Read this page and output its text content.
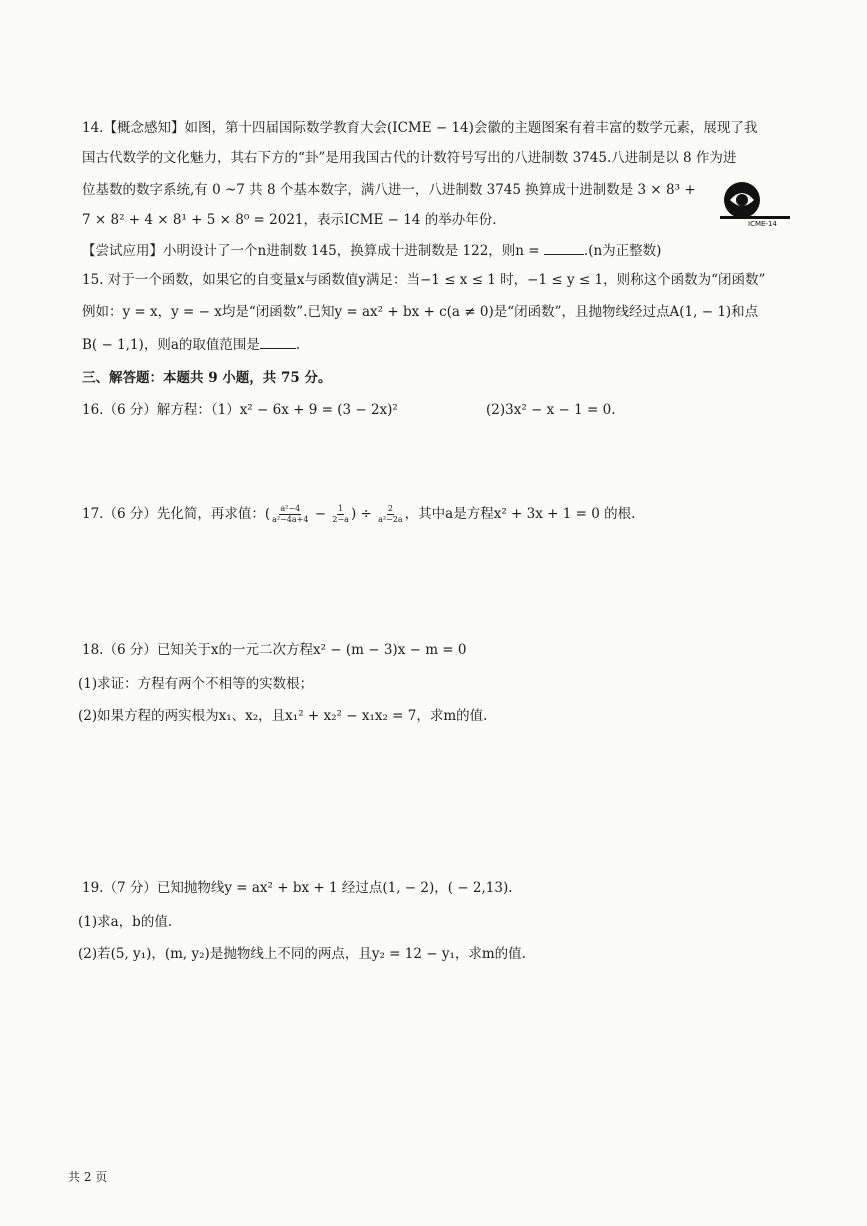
14.【概念感知】如图，第十四届国际数学教育大会(ICME − 14)会徽的主题图案有着丰富的数学元素，展现了我
国古代数学的文化魅力，其右下方的“卦”是用我国古代的计数符号写出的八进制数 3745.八进制是以 8 作为进
位基数的数字系统,有 0 ~7 共 8 个基本数字，满八进一，八进制数 3745 换算成十进制数是 3 × 8³ +
7 × 8² + 4 × 8¹ + 5 × 8⁰ = 2021，表示ICME − 14 的举办年份.	ICME-14
【尝试应用】小明设计了一个n进制数 145，换算成十进制数是 122，则n =	.(n为正整数)
15. 对于一个函数，如果它的自变量x与函数值y满足：当−1 ≤ x ≤ 1 时，−1 ≤ y ≤ 1，则称这个函数为“闭函数”
例如：y = x，y = − x均是“闭函数”.已知y = ax² + bx + c(a ≠ 0)是“闭函数”，且抛物线经过点A(1, − 1)和点
B( − 1,1)，则a的取值范围是	.
三、解答题：本题共 9 小题，共 75 分。
16.（6 分）解方程：（1）x² − 6x + 9 = (3 − 2x)²	(2)3x² − x − 1 = 0.
17.（6 分）先化简，再求值：( $\frac{\text{a²−4}}{\text{a²−4a+4}} - \frac{1}{2-a}$ ) ÷ $\frac{2}{\text{a²−2a}}$ ，其中a是方程x² + 3x + 1 = 0 的根.
18.（6 分）已知关于x的一元二次方程x² − (m − 3)x − m = 0
(1)求证：方程有两个不相等的实数根；
(2)如果方程的两实根为x₁、x₂，且x₁² + x₂² − x₁x₂ = 7，求m的值.
19.（7 分）已知抛物线y = ax² + bx + 1 经过点(1, − 2)，( − 2,13).
(1)求a，b的值.
(2)若(5, y₁)，(m, y₂)是抛物线上不同的两点，且y₂ = 12 − y₁，求m的值.
共 2 页
